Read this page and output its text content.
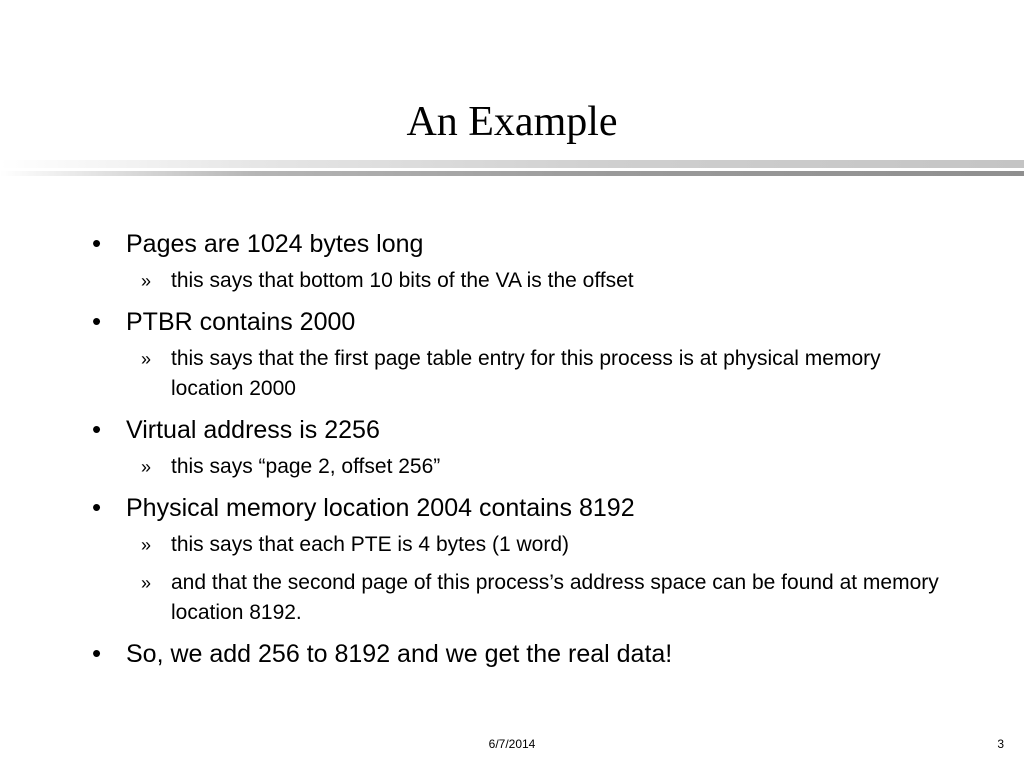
An Example
• Pages are 1024 bytes long
» this says that bottom 10 bits of the VA is the offset
• PTBR contains 2000
» this says that the first page table entry for this process is at physical memory location 2000
• Virtual address is 2256
» this says “page 2, offset 256”
• Physical memory location 2004 contains 8192
» this says that each PTE is 4 bytes (1 word)
» and that the second page of this process’s address space can be found at memory location 8192.
• So, we add 256 to 8192 and we get the real data!
6/7/2014	3
